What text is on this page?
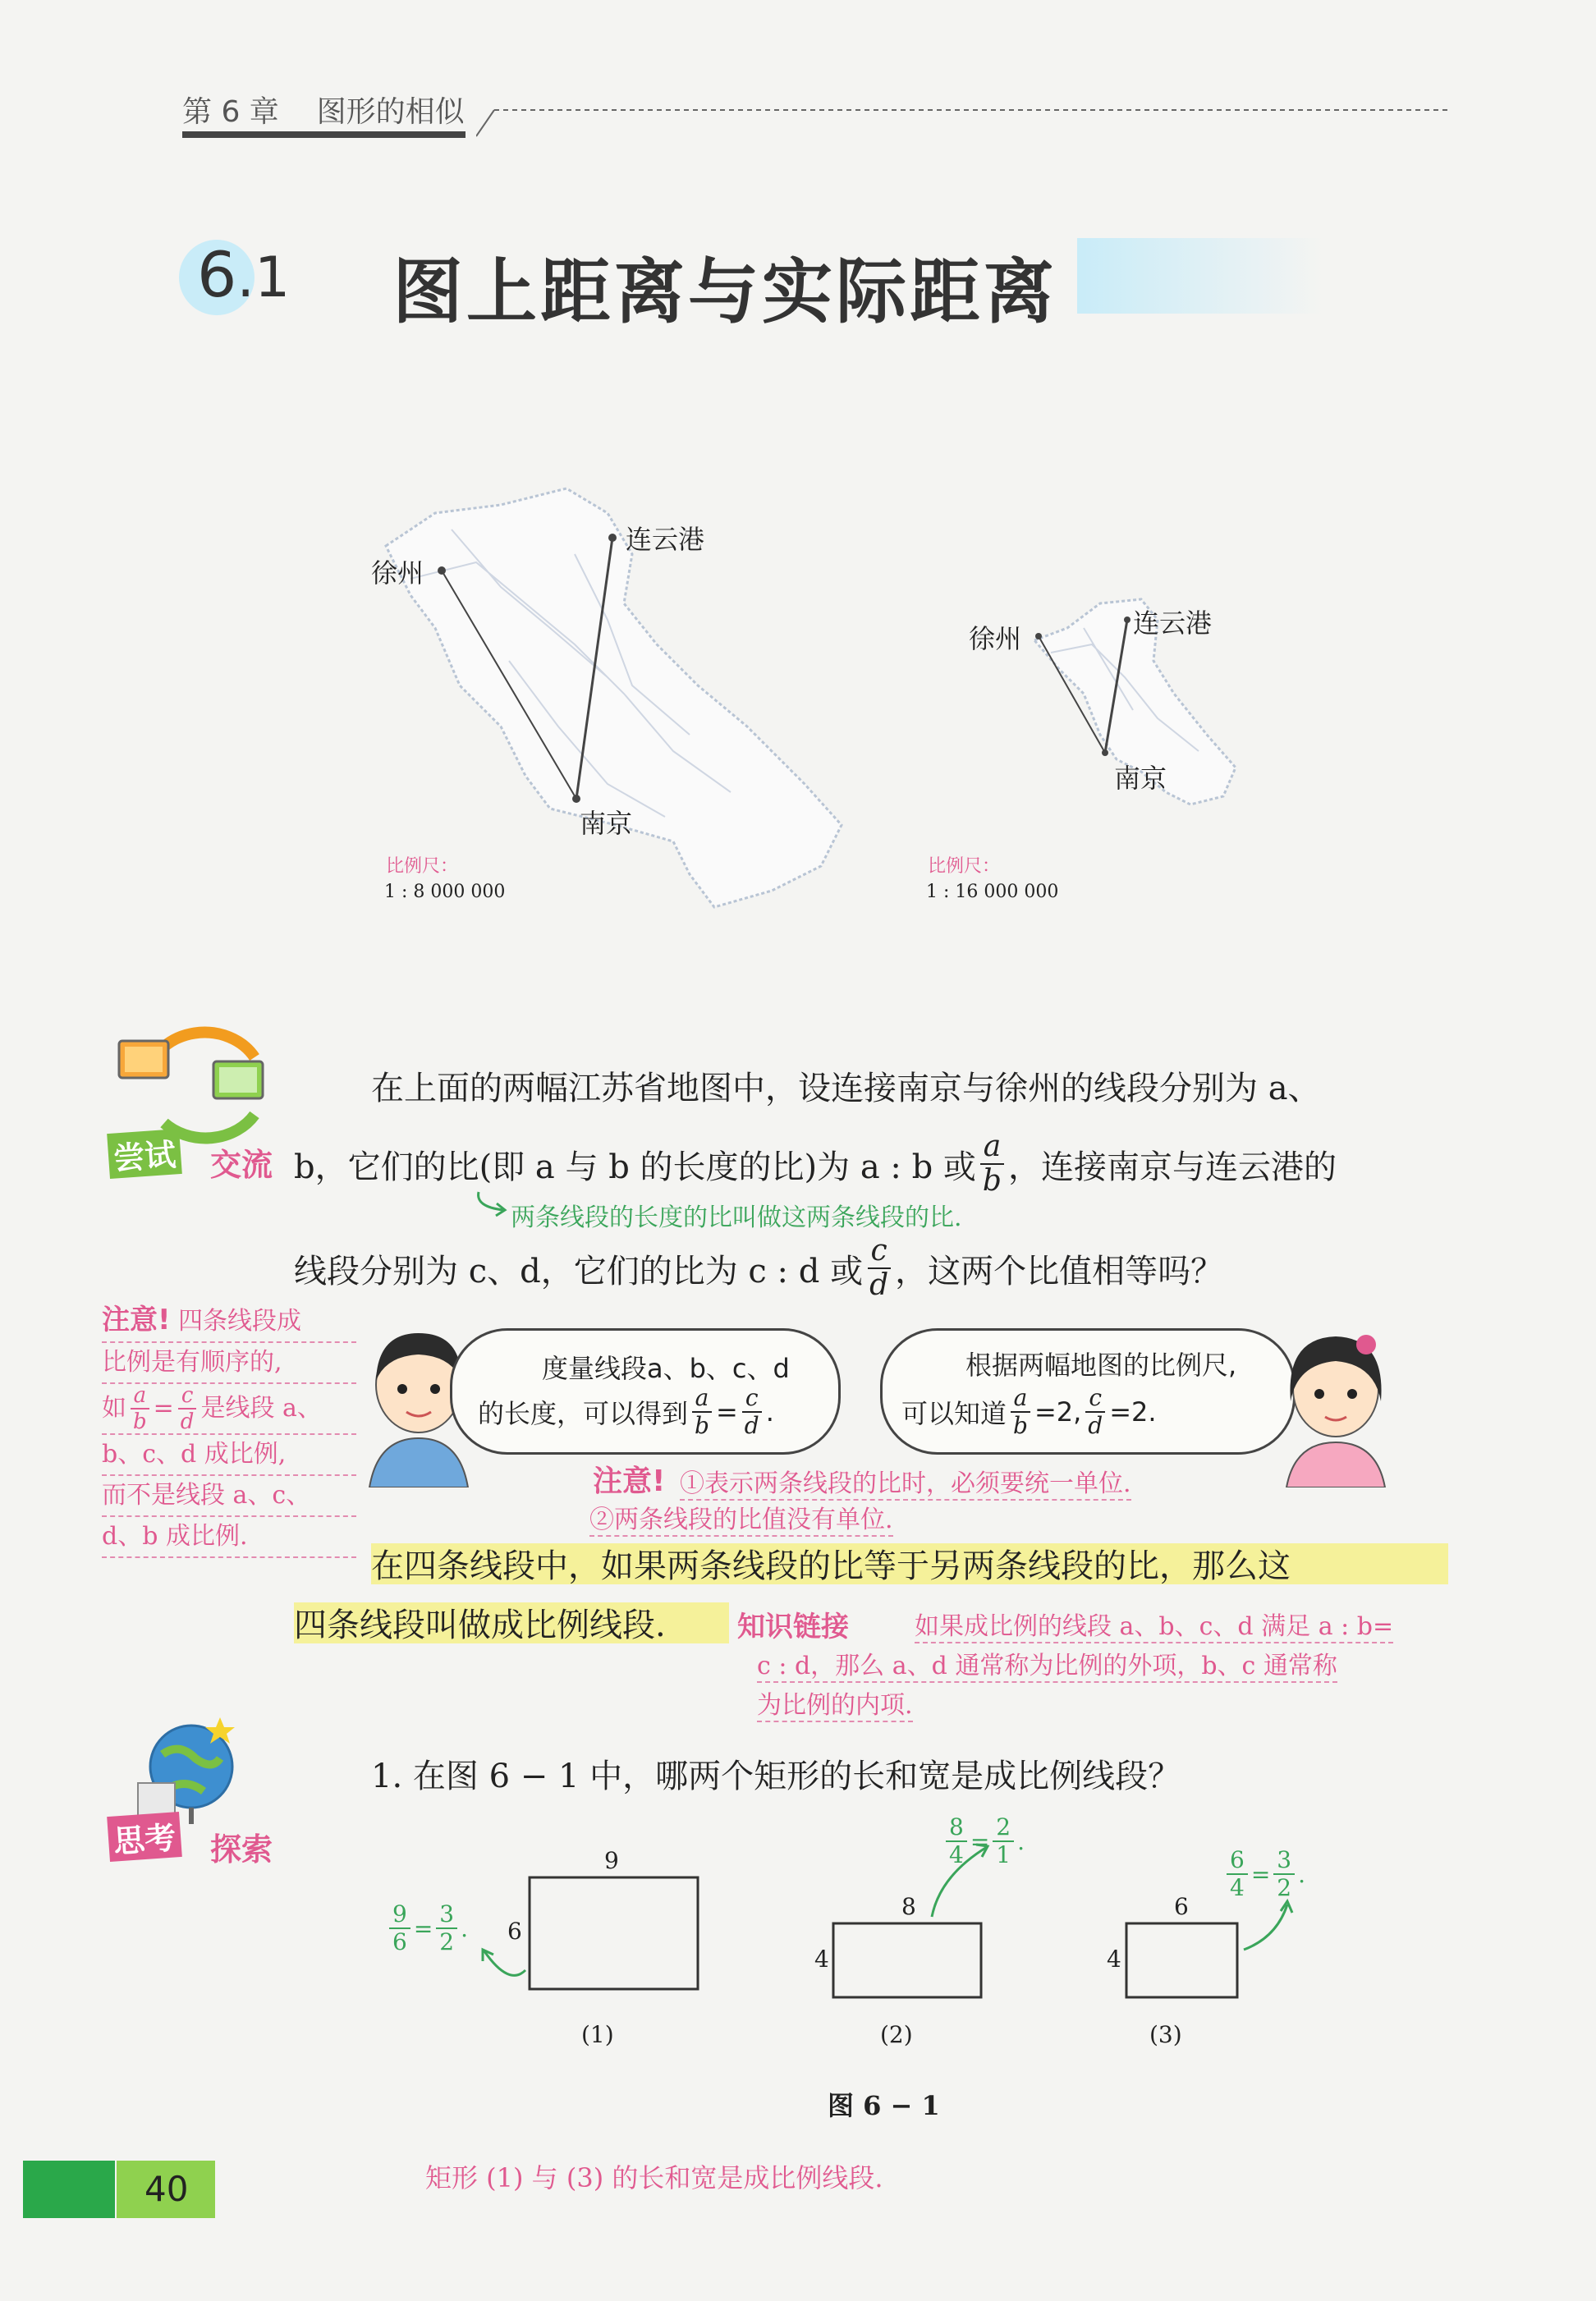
第 6 章 图形的相似
6.1 图上距离与实际距离
徐州
连云港
南京
比例尺：
1 : 8 000 000
徐州	连云港
南京
比例尺：
1 : 16 000 000
尝试 交流
在上面的两幅江苏省地图中，设连接南京与徐州的线段分别为 a、
b，它们的比(即 a 与 b 的长度的比)为 a : b 或 $\frac{a}{b}$ ，连接南京与连云港的
两条线段的长度的比叫做这两条线段的比.
线段分别为 c、d，它们的比为 c : d 或 $\frac{c}{d}$ ，这两个比值相等吗？
注意! 四条线段成
比例是有顺序的,
如 $\frac{a}{b} = \frac{c}{d}$ 是线段 a、
b、c、d 成比例,
而不是线段 a、c、
d、b 成比例.
度量线段a、b、c、d
的长度，可以得到 $\frac{a}{b} = \frac{c}{d}$ .
根据两幅地图的比例尺,
可以知道 $\frac{a}{b} =2$, $\frac{c}{d} =2$.
注意! ①表示两条线段的比时，必须要统一单位.
②两条线段的比值没有单位.
在四条线段中，如果两条线段的比等于另两条线段的比，那么这
四条线段叫做成比例线段.	知识链接	如果成比例的线段 a、b、c、d 满足 a : b=
c : d，那么 a、d 通常称为比例的外项，b、c 通常称
为比例的内项.
思考 探索
1. 在图 6 − 1 中，哪两个矩形的长和宽是成比例线段？
9
6
(1)
$\frac{9}{6} = \frac{3}{2}$ .
8
4
(2)
$\frac{8}{4} = \frac{2}{1}$ .
6
4
(3)
$\frac{6}{4} = \frac{3}{2}$ .
图 6 − 1
40	矩形 (1) 与 (3) 的长和宽是成比例线段.
